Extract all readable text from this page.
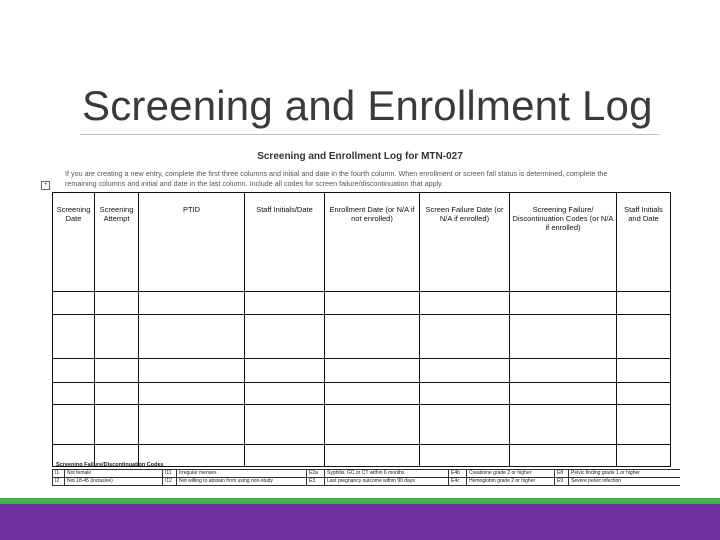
Screening and Enrollment Log
Screening and Enrollment Log for MTN-027
If you are creating a new entry, complete the first three columns and initial and date in the fourth column. When enrollment or screen fail status is determined, complete the
remaining columns and initial and date in the last column. Include all codes for screen failure/discontinuation that apply.
+
Screening Date	Screening Attempt	PTID	Staff Initials/Date	Enrollment Date (or N/A if not enrolled)	Screen Failure Date (or N/A if enrolled)	Screening Failure/ Discontinuation Codes (or N/A if enrolled)	Staff Initials and Date

Screening Failure/Discontinuation Codes
I1	Not female	I11	Irregular menses	E2a	Syphilis, GC or CT within 6 months	E4b	Creatinine grade 2 or higher	E8	Pelvic finding grade 1 or higher
I2	Not 18-45 (inclusive)	I12	Not willing to abstain from using non-study	E3	Last pregnancy outcome within 90 days	E4c	Hemoglobin grade 2 or higher	E9	Severe pelvic infection
